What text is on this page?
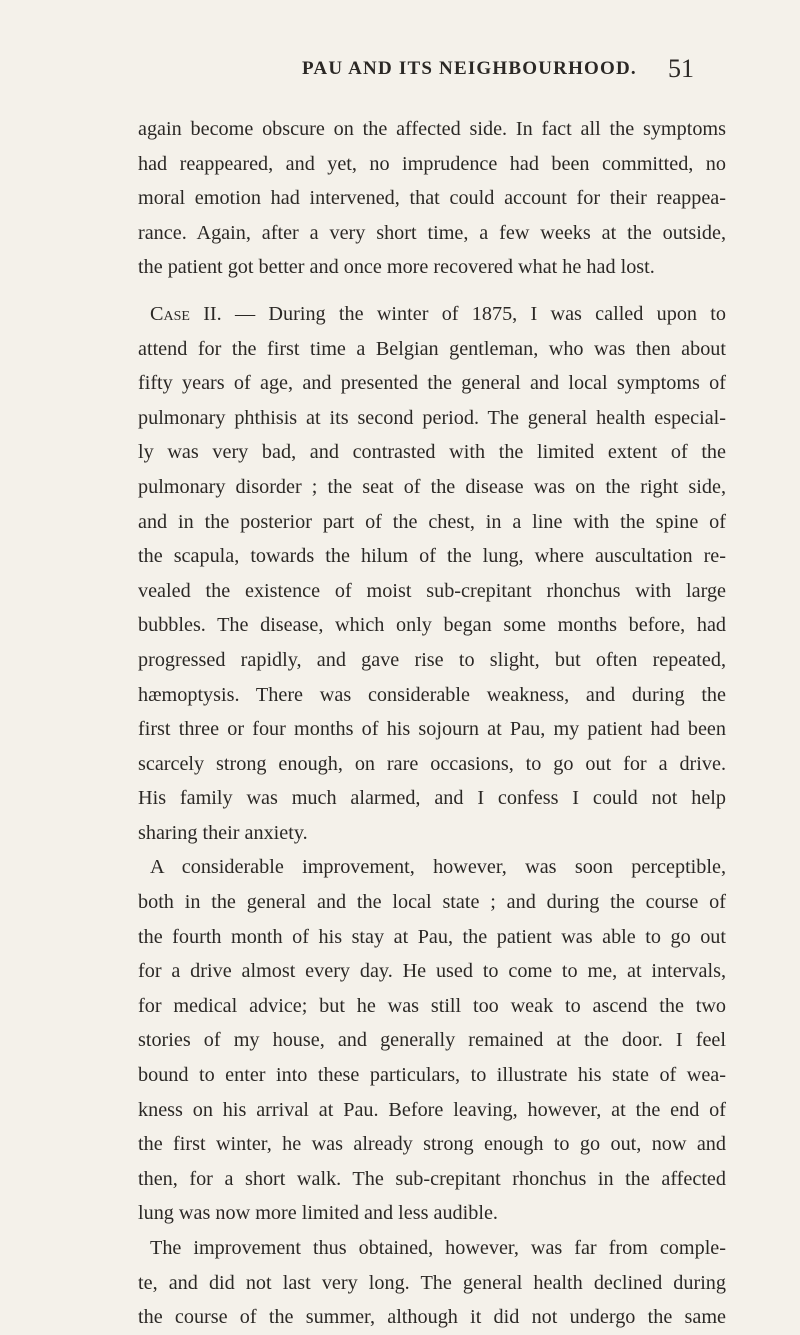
PAU AND ITS NEIGHBOURHOOD. 51
again become obscure on the affected side. In fact all the symptoms
had reappeared, and yet, no imprudence had been committed, no
moral emotion had intervened, that could account for their reappea-
rance. Again, after a very short time, a few weeks at the outside,
the patient got better and once more recovered what he had lost.
Case II. — During the winter of 1875, I was called upon to
attend for the first time a Belgian gentleman, who was then about
fifty years of age, and presented the general and local symptoms of
pulmonary phthisis at its second period. The general health especial-
ly was very bad, and contrasted with the limited extent of the
pulmonary disorder ; the seat of the disease was on the right side,
and in the posterior part of the chest, in a line with the spine of
the scapula, towards the hilum of the lung, where auscultation re-
vealed the existence of moist sub-crepitant rhonchus with large
bubbles. The disease, which only began some months before, had
progressed rapidly, and gave rise to slight, but often repeated,
hæmoptysis. There was considerable weakness, and during the
first three or four months of his sojourn at Pau, my patient had been
scarcely strong enough, on rare occasions, to go out for a drive.
His family was much alarmed, and I confess I could not help
sharing their anxiety.
A considerable improvement, however, was soon perceptible,
both in the general and the local state ; and during the course of
the fourth month of his stay at Pau, the patient was able to go out
for a drive almost every day. He used to come to me, at intervals,
for medical advice; but he was still too weak to ascend the two
stories of my house, and generally remained at the door. I feel
bound to enter into these particulars, to illustrate his state of wea-
kness on his arrival at Pau. Before leaving, however, at the end of
the first winter, he was already strong enough to go out, now and
then, for a short walk. The sub-crepitant rhonchus in the affected
lung was now more limited and less audible.
The improvement thus obtained, however, was far from comple-
te, and did not last very long. The general health declined during
the course of the summer, although it did not undergo the same
